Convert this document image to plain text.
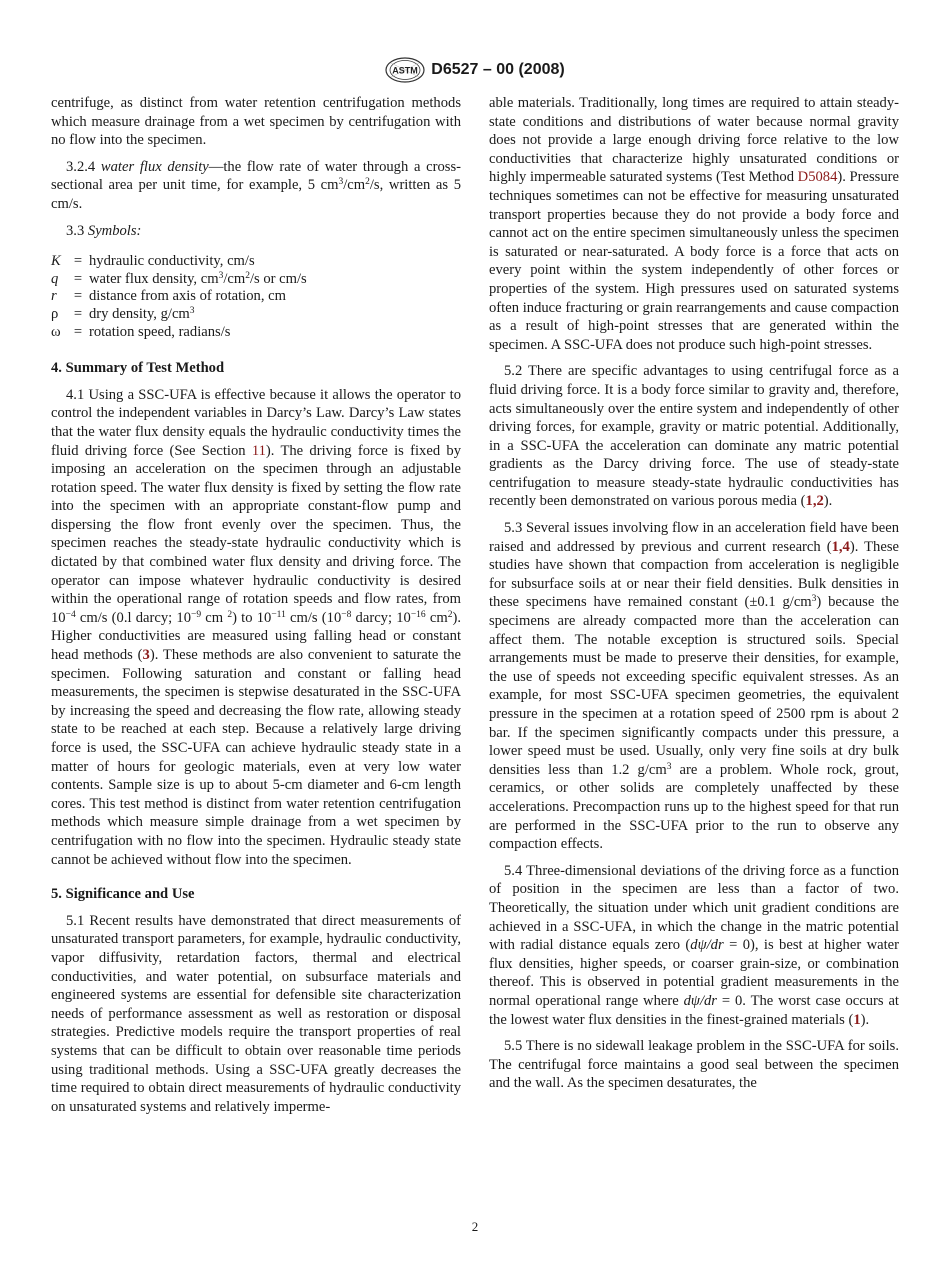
ASTM D6527 – 00 (2008)

centrifuge, as distinct from water retention centrifugation methods which measure drainage from a wet specimen by centrifugation with no flow into the specimen.

3.2.4 water flux density—the flow rate of water through a cross-sectional area per unit time, for example, 5 $cm^3/cm^2/s$, written as 5 cm/s.

3.3 Symbols:

K = hydraulic conductivity, cm/s
q	= water flux density, $cm^3/cm^2/s$ or cm/s
r	= distance from axis of rotation, cm
ρ	= dry density, $g/cm^3$
ω = rotation speed, radians/s
4. Summary of Test Method

4.1 Using a SSC-UFA is effective because it allows the operator to control the independent variables in Darcy’s Law. Darcy’s Law states that the water flux density equals the hydraulic conductivity times the fluid driving force (See Section 11). The driving force is fixed by imposing an acceleration on the specimen through an adjustable rotation speed. The water flux density is fixed by setting the flow rate into the specimen with an appropriate constant-flow pump and dispersing the flow front evenly over the specimen. Thus, the specimen reaches the steady-state hydraulic conductivity which is dictated by that combined water flux density and driving force. The operator can impose whatever hydraulic conductivity is desired within the operational range of rotation speeds and flow rates, from $10^{-4}$ cm/s (0.l darcy; $10^{-9}$ cm $^2$) to $10^{-11}$ cm/s ($10^{-8}$ darcy; $10^{-16}$ $cm^2$). Higher conductivities are measured using falling head or constant head methods (3). These methods are also convenient to saturate the specimen. Following saturation and constant or falling head measurements, the specimen is stepwise desaturated in the SSC-UFA by increasing the speed and decreasing the flow rate, allowing steady state to be reached at each step. Because a relatively large driving force is used, the SSC-UFA can achieve hydraulic steady state in a matter of hours for geologic materials, even at very low water contents. Sample size is up to about 5-cm diameter and 6-cm length cores. This test method is distinct from water retention centrifugation methods which measure simple drainage from a wet specimen by centrifugation with no flow into the specimen. Hydraulic steady state cannot be achieved without flow into the specimen.

5. Significance and Use

5.1 Recent results have demonstrated that direct measurements of unsaturated transport parameters, for example, hydraulic conductivity, vapor diffusivity, retardation factors, thermal and electrical conductivities, and water potential, on subsurface materials and engineered systems are essential for defensible site characterization needs of performance assessment as well as restoration or disposal strategies. Predictive models require the transport properties of real systems that can be difficult to obtain over reasonable time periods using traditional methods. Using a SSC-UFA greatly decreases the time required to obtain direct measurements of hydraulic conductivity on unsaturated systems and relatively imperme-

able materials. Traditionally, long times are required to attain steady-state conditions and distributions of water because normal gravity does not provide a large enough driving force relative to the low conductivities that characterize highly unsaturated conditions or highly impermeable saturated systems (Test Method D5084). Pressure techniques sometimes can not be effective for measuring unsaturated transport properties because they do not provide a body force and cannot act on the entire specimen simultaneously unless the specimen is saturated or near-saturated. A body force is a force that acts on every point within the system independently of other forces or properties of the system. High pressures used on saturated systems often induce fracturing or grain rearrangements and cause compaction as a result of high-point stresses that are generated within the specimen. A SSC-UFA does not produce such high-point stresses.

5.2 There are specific advantages to using centrifugal force as a fluid driving force. It is a body force similar to gravity and, therefore, acts simultaneously over the entire system and independently of other driving forces, for example, gravity or matric potential. Additionally, in a SSC-UFA the acceleration can dominate any matric potential gradients as the Darcy driving force. The use of steady-state centrifugation to measure steady-state hydraulic conductivities has recently been demonstrated on various porous media (1,2).

5.3 Several issues involving flow in an acceleration field have been raised and addressed by previous and current research (1,4). These studies have shown that compaction from acceleration is negligible for subsurface soils at or near their field densities. Bulk densities in these specimens have remained constant (±0.1 $g/cm^3$) because the specimens are already compacted more than the acceleration can affect them. The notable exception is structured soils. Special arrangements must be made to preserve their densities, for example, the use of speeds not exceeding specific equivalent stresses. As an example, for most SSC-UFA specimen geometries, the equivalent pressure in the specimen at a rotation speed of 2500 rpm is about 2 bar. If the specimen significantly compacts under this pressure, a lower speed must be used. Usually, only very fine soils at dry bulk densities less than 1.2 $g/cm^3$ are a problem. Whole rock, grout, ceramics, or other solids are completely unaffected by these accelerations. Precompaction runs up to the highest speed for that run are performed in the SSC-UFA prior to the run to observe any compaction effects.

5.4 Three-dimensional deviations of the driving force as a function of position in the specimen are less than a factor of two. Theoretically, the situation under which unit gradient conditions are achieved in a SSC-UFA, in which the change in the matric potential with radial distance equals zero (dψ/dr = 0), is best at higher water flux densities, higher speeds, or coarser grain-size, or combination thereof. This is observed in potential gradient measurements in the normal operational range where dψ/dr = 0. The worst case occurs at the lowest water flux densities in the finest-grained materials (1).

5.5 There is no sidewall leakage problem in the SSC-UFA for soils. The centrifugal force maintains a good seal between the specimen and the wall. As the specimen desaturates, the

2
